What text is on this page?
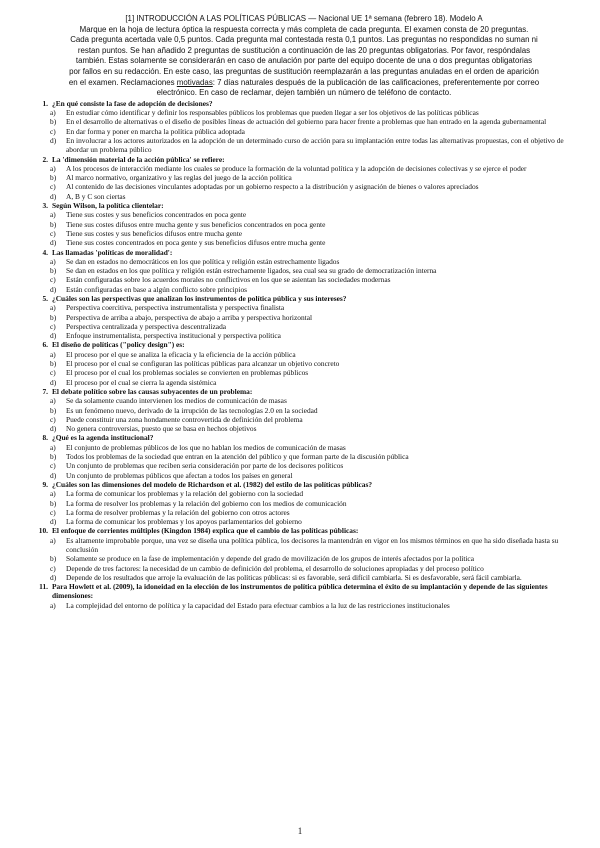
[1] INTRODUCCIÓN A LAS POLÍTICAS PÚBLICAS — Nacional UE 1ª semana (febrero 18). Modelo A
Marque en la hoja de lectura óptica la respuesta correcta y más completa de cada pregunta. El examen consta de 20 preguntas.
Cada pregunta acertada vale 0,5 puntos. Cada pregunta mal contestada resta 0,1 puntos. Las preguntas no respondidas no suman ni
restan puntos. Se han añadido 2 preguntas de sustitución a continuación de las 20 preguntas obligatorias. Por favor, respóndalas
también. Estas solamente se considerarán en caso de anulación por parte del equipo docente de una o dos preguntas obligatorias
por fallos en su redacción. En este caso, las preguntas de sustitución reemplazarán a las preguntas anuladas en el orden de aparición
en el examen. Reclamaciones motivadas: 7 días naturales después de la publicación de las calificaciones, preferentemente por correo
electrónico. En caso de reclamar, dejen también un número de teléfono de contacto.
1. ¿En qué consiste la fase de adopción de decisiones?
a)	En estudiar cómo identificar y definir los responsables públicos los problemas que pueden llegar a ser los objetivos de las políticas públicas
b)	En el desarrollo de alternativas o el diseño de posibles líneas de actuación del gobierno para hacer frente a problemas que han entrado en la agenda gubernamental
c)	En dar forma y poner en marcha la política pública adoptada
d)	En involucrar a los actores autorizados en la adopción de un determinado curso de acción para su implantación entre todas las alternativas propuestas, con el objetivo de abordar un problema público
2. La 'dimensión material de la acción pública' se refiere:
a)	A los procesos de interacción mediante los cuales se produce la formación de la voluntad política y la adopción de decisiones colectivas y se ejerce el poder
b)	Al marco normativo, organizativo y las reglas del juego de la acción política
c)	Al contenido de las decisiones vinculantes adoptadas por un gobierno respecto a la distribución y asignación de bienes o valores apreciados
d)	A, B y C son ciertas
3. Según Wilson, la política clientelar:
a)	Tiene sus costes y sus beneficios concentrados en poca gente
b)	Tiene sus costes difusos entre mucha gente y sus beneficios concentrados en poca gente
c)	Tiene sus costes y sus beneficios difusos entre mucha gente
d)	Tiene sus costes concentrados en poca gente y sus beneficios difusos entre mucha gente
4. Las llamadas 'políticas de moralidad':
a)	Se dan en estados no democráticos en los que política y religión están estrechamente ligados
b)	Se dan en estados en los que política y religión están estrechamente ligados, sea cual sea su grado de democratización interna
c)	Están configuradas sobre los acuerdos morales no conflictivos en los que se asientan las sociedades modernas
d)	Están configuradas en base a algún conflicto sobre principios
5. ¿Cuáles son las perspectivas que analizan los instrumentos de política pública y sus intereses?
a)	Perspectiva coercitiva, perspectiva instrumentalista y perspectiva finalista
b)	Perspectiva de arriba a abajo, perspectiva de abajo a arriba y perspectiva horizontal
c)	Perspectiva centralizada y perspectiva descentralizada
d)	Enfoque instrumentalista, perspectiva institucional y perspectiva política
6. El diseño de políticas ("policy design") es:
a)	El proceso por el que se analiza la eficacia y la eficiencia de la acción pública
b)	El proceso por el cual se configuran las políticas públicas para alcanzar un objetivo concreto
c)	El proceso por el cual los problemas sociales se convierten en problemas públicos
d)	El proceso por el cual se cierra la agenda sistémica
7. El debate político sobre las causas subyacentes de un problema:
a)	Se da solamente cuando intervienen los medios de comunicación de masas
b)	Es un fenómeno nuevo, derivado de la irrupción de las tecnologías 2.0 en la sociedad
c)	Puede constituir una zona hondamente controvertida de definición del problema
d)	No genera controversias, puesto que se basa en hechos objetivos
8. ¿Qué es la agenda institucional?
a)	El conjunto de problemas públicos de los que no hablan los medios de comunicación de masas
b)	Todos los problemas de la sociedad que entran en la atención del público y que forman parte de la discusión pública
c)	Un conjunto de problemas que reciben seria consideración por parte de los decisores políticos
d)	Un conjunto de problemas públicos que afectan a todos los países en general
9. ¿Cuáles son las dimensiones del modelo de Richardson et al. (1982) del estilo de las políticas públicas?
a)	La forma de comunicar los problemas y la relación del gobierno con la sociedad
b)	La forma de resolver los problemas y la relación del gobierno con los medios de comunicación
c)	La forma de resolver problemas y la relación del gobierno con otros actores
d)	La forma de comunicar los problemas y los apoyos parlamentarios del gobierno
10. El enfoque de corrientes múltiples (Kingdon 1984) explica que el cambio de las políticas públicas:
a)	Es altamente improbable porque, una vez se diseña una política pública, los decisores la mantendrán en vigor en los mismos términos en que ha sido diseñada hasta su conclusión
b)	Solamente se produce en la fase de implementación y depende del grado de movilización de los grupos de interés afectados por la política
c)	Depende de tres factores: la necesidad de un cambio de definición del problema, el desarrollo de soluciones apropiadas y del proceso político
d)	Depende de los resultados que arroje la evaluación de las políticas públicas: si es favorable, será difícil cambiarla. Si es desfavorable, será fácil cambiarla.
11. Para Howlett et al. (2009), la idoneidad en la elección de los instrumentos de política pública determina el éxito de su implantación y depende de las siguientes dimensiones:
a)	La complejidad del entorno de política y la capacidad del Estado para efectuar cambios a la luz de las restricciones institucionales
1
